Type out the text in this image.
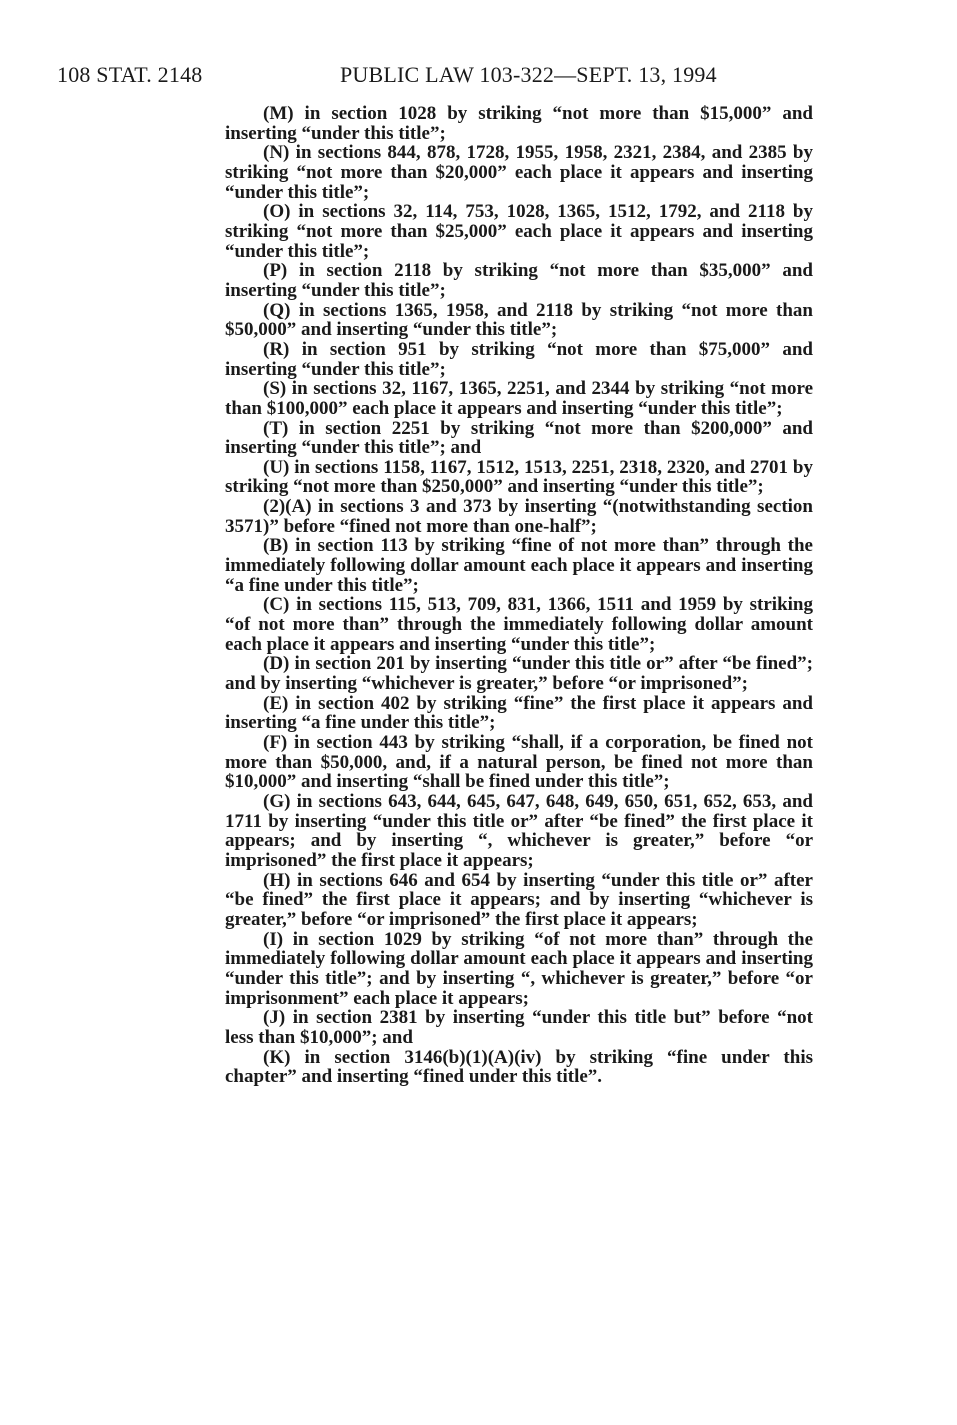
108 STAT. 2148	PUBLIC LAW 103-322—SEPT. 13, 1994

(M) in section 1028 by striking “not more than $15,000” and inserting “under this title”;

(N) in sections 844, 878, 1728, 1955, 1958, 2321, 2384, and 2385 by striking “not more than $20,000” each place it appears and inserting “under this title”;

(O) in sections 32, 114, 753, 1028, 1365, 1512, 1792, and 2118 by striking “not more than $25,000” each place it appears and inserting “under this title”;

(P) in section 2118 by striking “not more than $35,000” and inserting “under this title”;

(Q) in sections 1365, 1958, and 2118 by striking “not more than $50,000” and inserting “under this title”;

(R) in section 951 by striking “not more than $75,000” and inserting “under this title”;

(S) in sections 32, 1167, 1365, 2251, and 2344 by striking “not more than $100,000” each place it appears and inserting “under this title”;

(T) in section 2251 by striking “not more than $200,000” and inserting “under this title”; and

(U) in sections 1158, 1167, 1512, 1513, 2251, 2318, 2320, and 2701 by striking “not more than $250,000” and inserting “under this title”;

(2)(A) in sections 3 and 373 by inserting “(notwithstanding section 3571)” before “fined not more than one-half”;

(B) in section 113 by striking “fine of not more than” through the immediately following dollar amount each place it appears and inserting “a fine under this title”;

(C) in sections 115, 513, 709, 831, 1366, 1511 and 1959 by striking “of not more than” through the immediately following dollar amount each place it appears and inserting “under this title”;

(D) in section 201 by inserting “under this title or” after “be fined”; and by inserting “whichever is greater,” before “or imprisoned”;

(E) in section 402 by striking “fine” the first place it appears and inserting “a fine under this title”;

(F) in section 443 by striking “shall, if a corporation, be fined not more than $50,000, and, if a natural person, be fined not more than $10,000” and inserting “shall be fined under this title”;

(G) in sections 643, 644, 645, 647, 648, 649, 650, 651, 652, 653, and 1711 by inserting “under this title or” after “be fined” the first place it appears; and by inserting “, whichever is greater,” before “or imprisoned” the first place it appears;

(H) in sections 646 and 654 by inserting “under this title or” after “be fined” the first place it appears; and by inserting “whichever is greater,” before “or imprisoned” the first place it appears;

(I) in section 1029 by striking “of not more than” through the immediately following dollar amount each place it appears and inserting “under this title”; and by inserting “, whichever is greater,” before “or imprisonment” each place it appears;

(J) in section 2381 by inserting “under this title but” before “not less than $10,000”; and

(K) in section 3146(b)(1)(A)(iv) by striking “fine under this chapter” and inserting “fined under this title”.
